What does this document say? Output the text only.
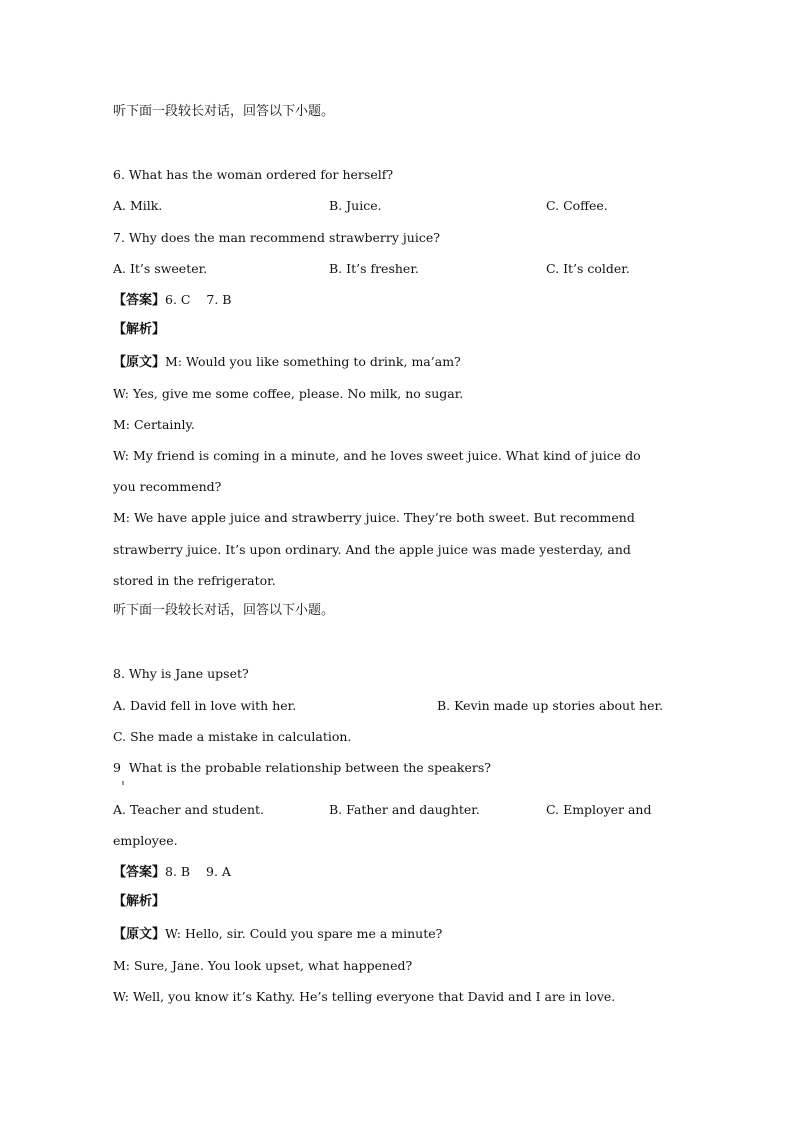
听下面一段较长对话，回答以下小题。
6. What has the woman ordered for herself?
A. Milk.	B. Juice.	C. Coffee.
7. Why does the man recommend strawberry juice?
A. It’s sweeter.	B. It’s fresher.	C. It’s colder.
【答案】6. C    7. B
【解析】
【原文】M: Would you like something to drink, ma’am?
W: Yes, give me some coffee, please. No milk, no sugar.
M: Certainly.
W: My friend is coming in a minute, and he loves sweet juice. What kind of juice do
you recommend?
M: We have apple juice and strawberry juice. They’re both sweet. But recommend
strawberry juice. It’s upon ordinary. And the apple juice was made yesterday, and
stored in the refrigerator.
听下面一段较长对话，回答以下小题。
8. Why is Jane upset?
A. David fell in love with her.	B. Kevin made up stories about her.
C. She made a mistake in calculation.
9  What is the probable relationship between the speakers?
A. Teacher and student.	B. Father and daughter.	C. Employer and
employee.
【答案】8. B    9. A
【解析】
【原文】W: Hello, sir. Could you spare me a minute?
M: Sure, Jane. You look upset, what happened?
W: Well, you know it’s Kathy. He’s telling everyone that David and I are in love.
